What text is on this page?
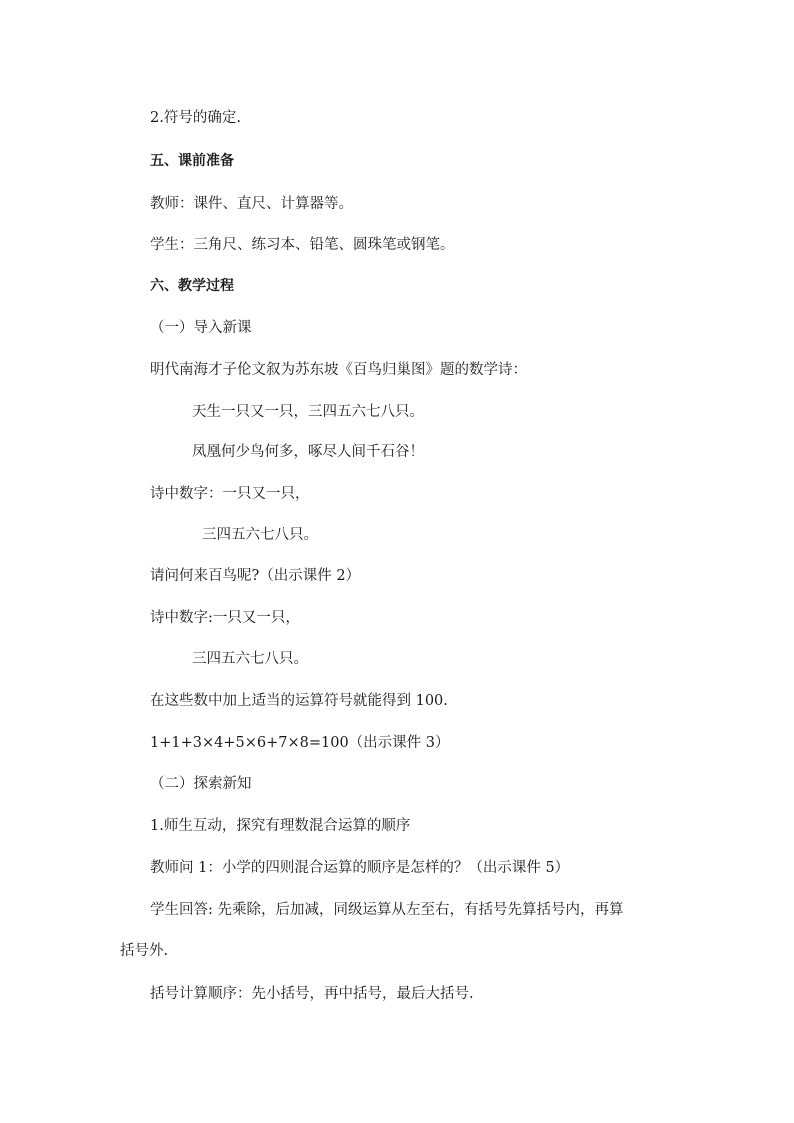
2.符号的确定.
五、课前准备
教师：课件、直尺、计算器等。
学生：三角尺、练习本、铅笔、圆珠笔或钢笔。
六、教学过程
（一）导入新课
明代南海才子伦文叙为苏东坡《百鸟归巢图》题的数学诗：
天生一只又一只，三四五六七八只。
凤凰何少鸟何多，啄尽人间千石谷！
诗中数字：一只又一只，
三四五六七八只。
请问何来百鸟呢?（出示课件 2）
诗中数字:一只又一只，
三四五六七八只。
在这些数中加上适当的运算符号就能得到 100.
1+1+3×4+5×6+7×8=100（出示课件 3）
（二）探索新知
1.师生互动，探究有理数混合运算的顺序
教师问 1：小学的四则混合运算的顺序是怎样的？（出示课件 5）
学生回答: 先乘除，后加减，同级运算从左至右，有括号先算括号内，再算
括号外.
括号计算顺序：先小括号，再中括号，最后大括号.
